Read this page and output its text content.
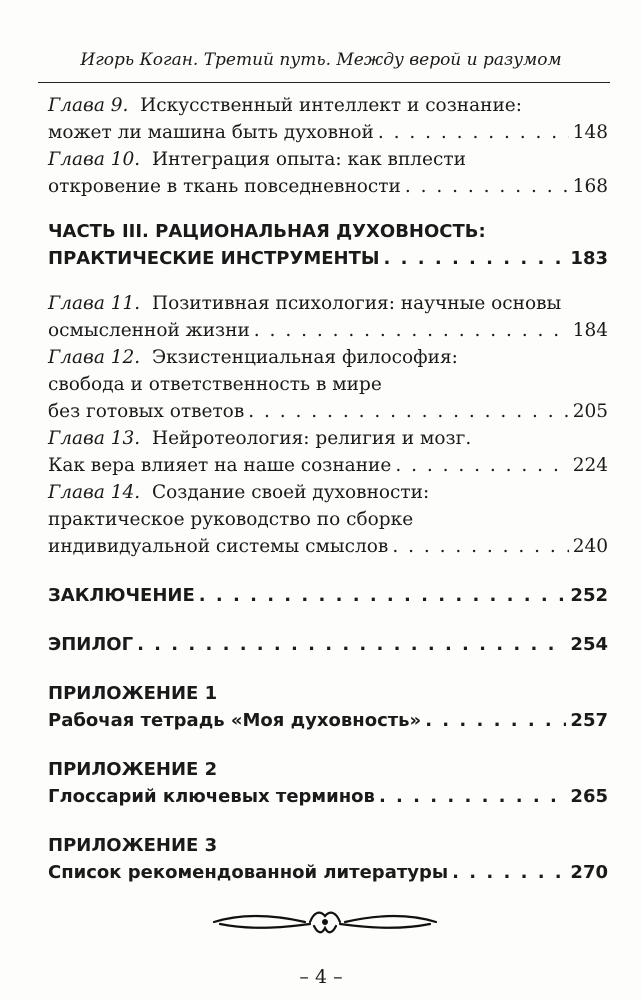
Игорь Коган. Третий путь. Между верой и разумом
Глава 9. Искусственный интеллект и сознание:
может ли машина быть духовной . . .	148
Глава 10. Интеграция опыта: как вплести
откровение в ткань повседневности . . .	168
ЧАСТЬ III. РАЦИОНАЛЬНАЯ ДУХОВНОСТЬ:
ПРАКТИЧЕСКИЕ ИНСТРУМЕНТЫ . . .	183
Глава 11. Позитивная психология: научные основы
осмысленной жизни . . .	184
Глава 12. Экзистенциальная философия:
свобода и ответственность в мире
без готовых ответов . . .	205
Глава 13. Нейротеология: религия и мозг.
Как вера влияет на наше сознание . . .	224
Глава 14. Создание своей духовности:
практическое руководство по сборке
индивидуальной системы смыслов . . .	240
ЗАКЛЮЧЕНИЕ . . .	252
ЭПИЛОГ . . .	254
ПРИЛОЖЕНИЕ 1
Рабочая тетрадь «Моя духовность» . . .	257
ПРИЛОЖЕНИЕ 2
Глоссарий ключевых терминов . . .	265
ПРИЛОЖЕНИЕ 3
Список рекомендованной литературы . . .	270
– 4 –
